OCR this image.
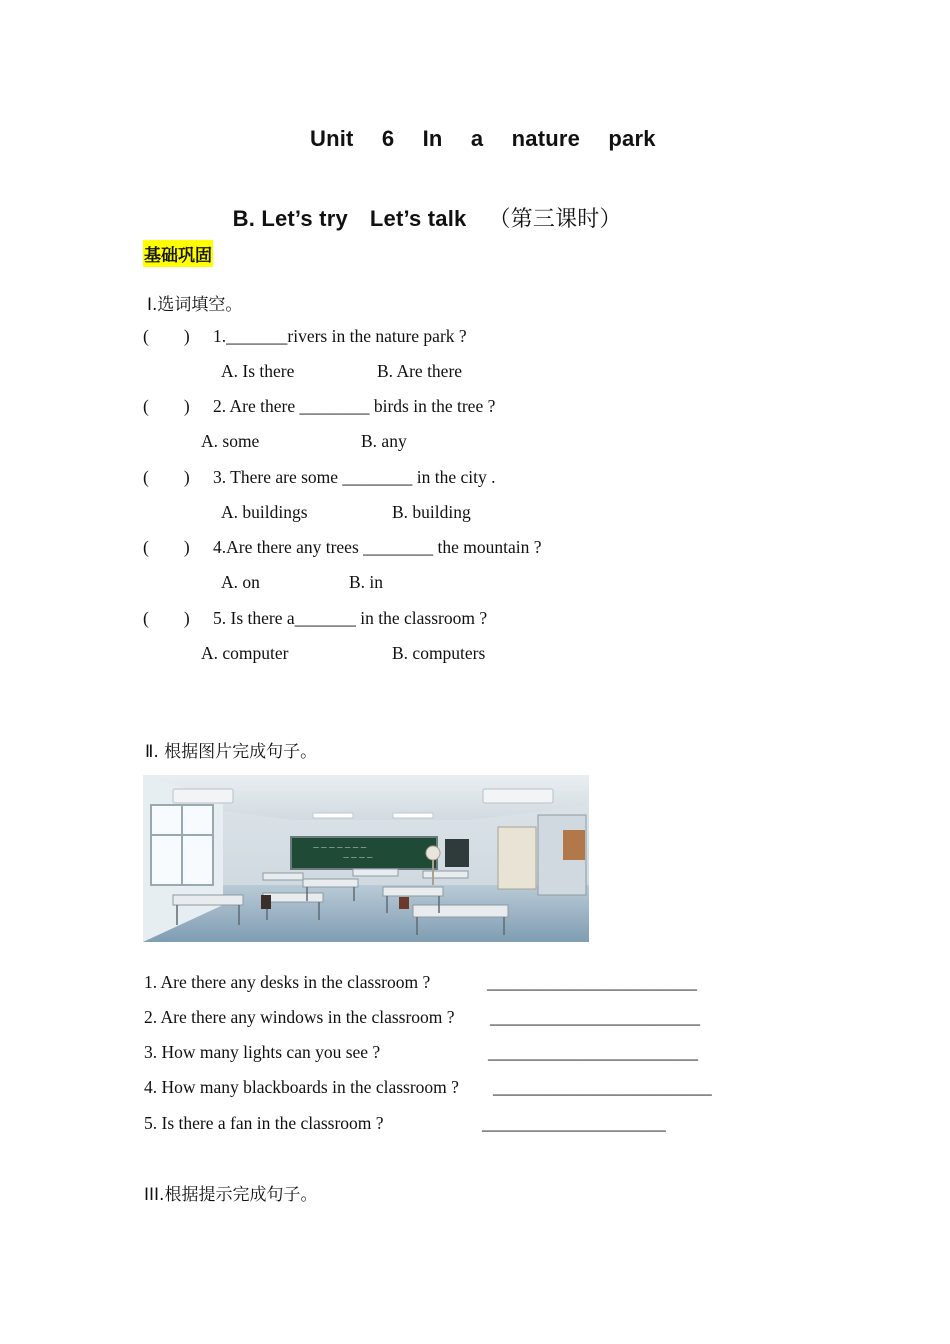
Unit 6 In a nature park

B. Let’s try Let’s talk （第三课时）

基础巩固
Ⅰ.选词填空。
(        ) 1._______rivers in the nature park ?
A. Is there	B. Are there
(        ) 2. Are there ________ birds in the tree ?
A. some	B. any
(        ) 3. There are some ________ in the city .
A. buildings	B. building
(        ) 4.Are there any trees ________ the mountain ?
A. on	B. in
(        ) 5. Is there a_______ in the classroom ?
A. computer	B. computers
Ⅱ. 根据图片完成句子。
— — — — — — —
— — — —
1. Are there any desks in the classroom ?	________________________
2. Are there any windows in the classroom ? ________________________
3. How many lights can you see ?	________________________
4. How many blackboards in the classroom ? _________________________
5. Is there a fan in the classroom ?	_____________________
III.根据提示完成句子。
